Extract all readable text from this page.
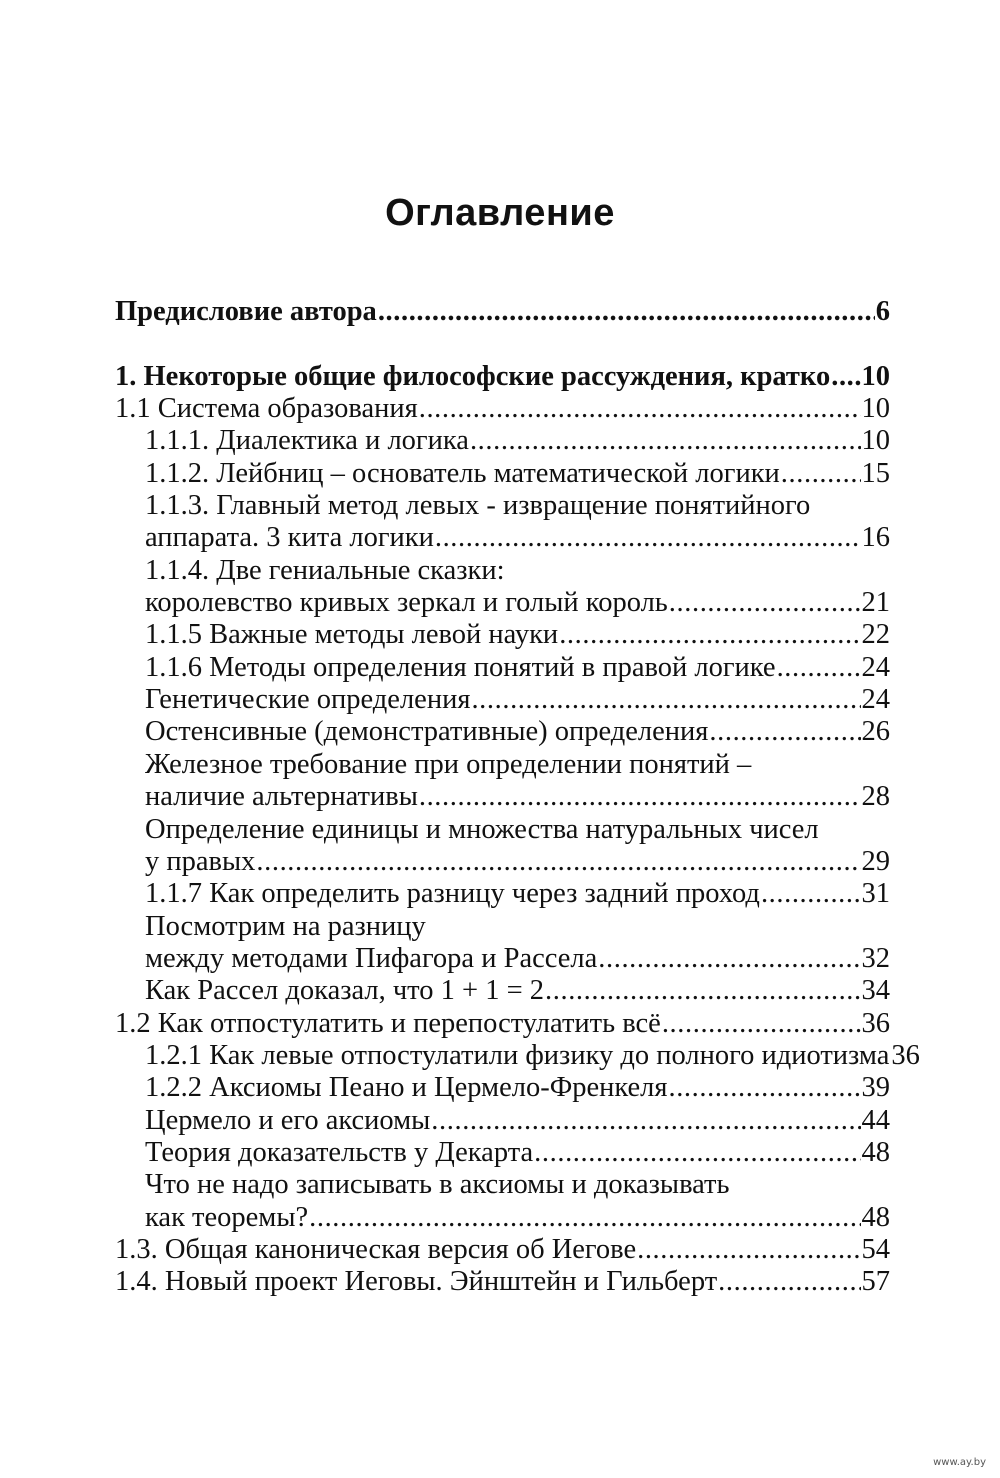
Оглавление
Предисловие автора .....	6
1. Некоторые общие философские рассуждения, кратко ..... 10
1.1 Система образования .....	10
1.1.1. Диалектика и логика .....	10
1.1.2. Лейбниц – основатель математической логики .....	15
1.1.3. Главный метод левых - извращение понятийного
аппарата. 3 кита логики .....	16
1.1.4. Две гениальные сказки:
королевство кривых зеркал и голый король .....	21
1.1.5 Важные методы левой науки .....	22
1.1.6 Методы определения понятий в правой логике .....	24
Генетические определения .....	24
Остенсивные (демонстративные) определения .....	26
Железное требование при определении понятий –
наличие альтернативы .....	28
Определение единицы и множества натуральных чисел
у правых .....	29
1.1.7 Как определить разницу через задний проход .....	31
Посмотрим на разницу
между методами Пифагора и Рассела .....	32
Как Рассел доказал, что 1 + 1 = 2 .....	34
1.2 Как отпостулатить и перепостулатить всё .....	36
1.2.1 Как левые отпостулатили физику до полного идиотизма 36
1.2.2 Аксиомы Пеано и Цермело-Френкеля .....	39
Цермело и его аксиомы .....	44
Теория доказательств у Декарта .....	48
Что не надо записывать в аксиомы и доказывать
как теоремы? .....	48
1.3. Общая каноническая версия об Иегове .....	54
1.4. Новый проект Иеговы. Эйнштейн и Гильберт .....	57
www.ay.by
